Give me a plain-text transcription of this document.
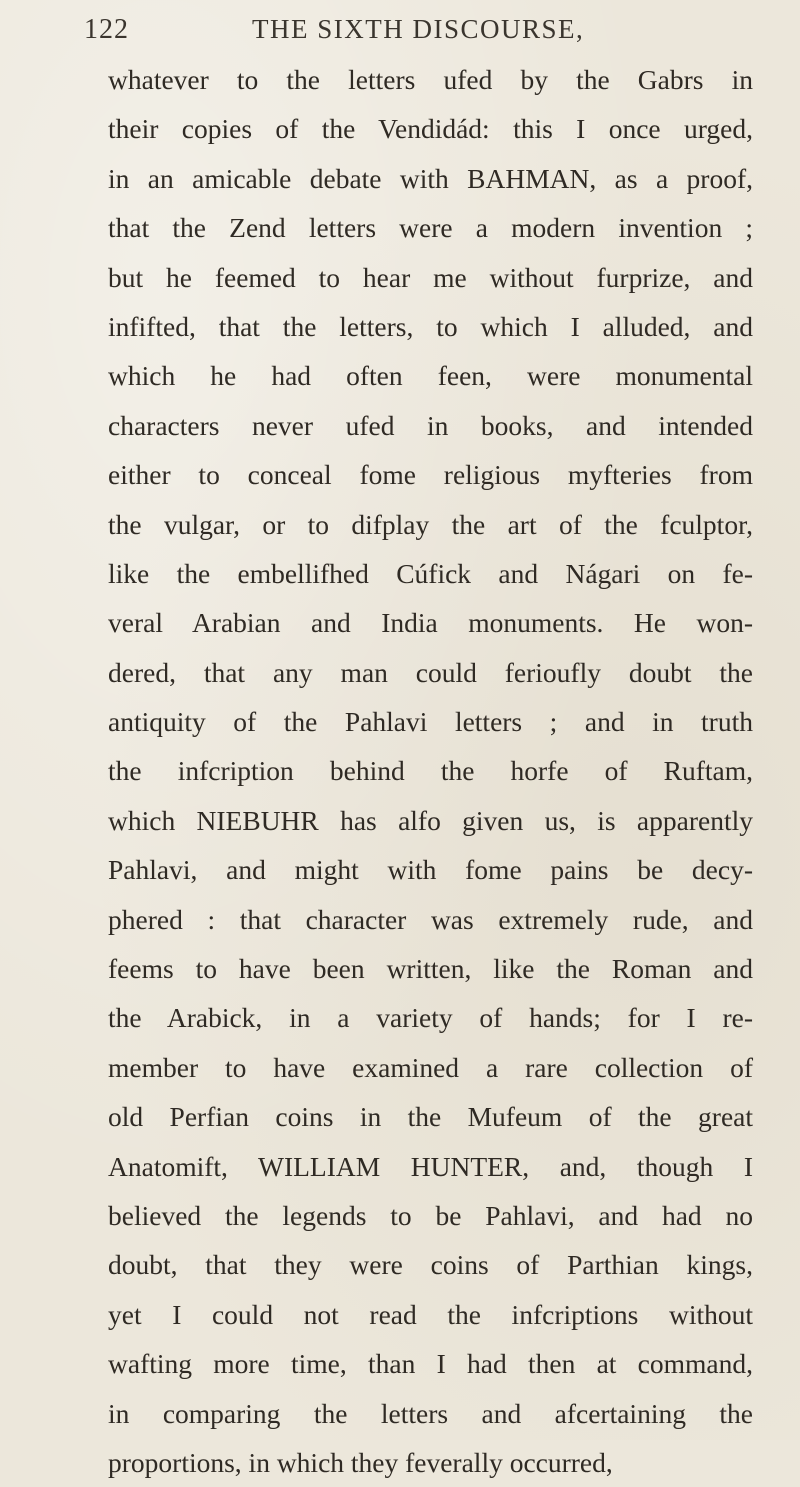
122	THE SIXTH DISCOURSE,
whatever to the letters ufed by the Gabrs in
their copies of the Vendidád: this I once urged,
in an amicable debate with BAHMAN, as a proof,
that the Zend letters were a modern invention ;
but he feemed to hear me without furprize, and
infifted, that the letters, to which I alluded, and
which he had often feen, were monumental
characters never ufed in books, and intended
either to conceal fome religious myfteries from
the vulgar, or to difplay the art of the fculptor,
like the embellifhed Cúfick and Nágari on fe-
veral Arabian and India monuments. He won-
dered, that any man could ferioufly doubt the
antiquity of the Pahlavi letters ; and in truth
the infcription behind the horfe of Ruftam,
which NIEBUHR has alfo given us, is apparently
Pahlavi, and might with fome pains be decy-
phered : that character was extremely rude, and
feems to have been written, like the Roman and
the Arabick, in a variety of hands; for I re-
member to have examined a rare collection of
old Perfian coins in the Mufeum of the great
Anatomift, WILLIAM HUNTER, and, though I
believed the legends to be Pahlavi, and had no
doubt, that they were coins of Parthian kings,
yet I could not read the infcriptions without
wafting more time, than I had then at command,
in comparing the letters and afcertaining the
proportions, in which they feverally occurred,
